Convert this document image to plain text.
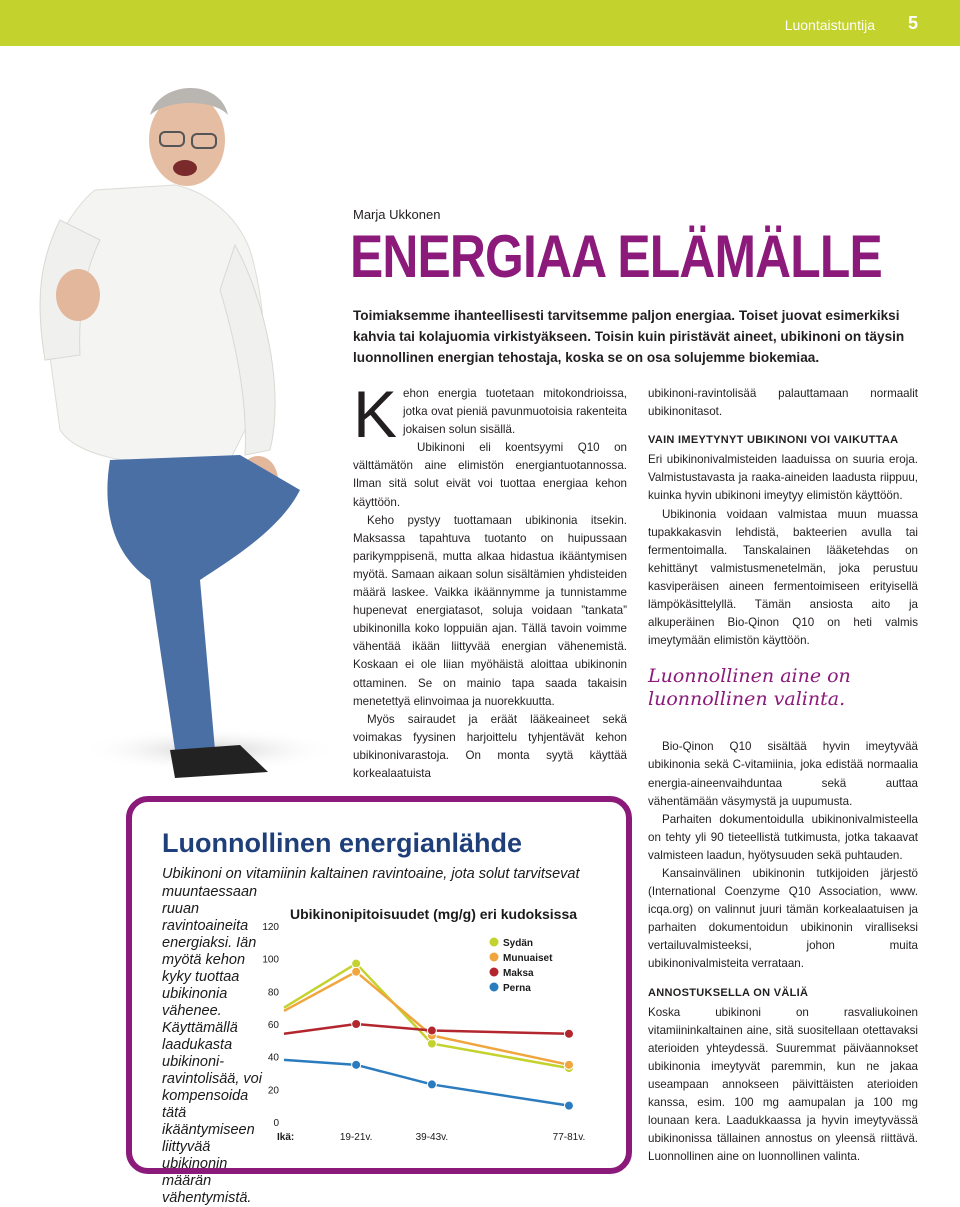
Luontaistuntija 5
Marja Ukkonen
ENERGIAA ELÄMÄLLE
Toimiaksemme ihanteellisesti tarvitsemme paljon energiaa. Toiset juovat esimerkiksi kahvia tai kolajuomia virkistyäkseen. Toisin kuin piristävät aineet, ubikinoni on täysin luonnollinen energian tehostaja, koska se on osa solujemme biokemiaa.
K ehon energia tuotetaan mitokondrioissa, jotka ovat pieniä pavunmuotoisia rakenteita jokaisen solun sisällä.

Ubikinoni eli koentsyymi Q10 on välttämätön aine elimistön energiantuotannossa. Ilman sitä solut eivät voi tuottaa energiaa kehon käyttöön.

Keho pystyy tuottamaan ubikinonia itsekin. Maksassa tapahtuva tuotanto on huipussaan parikymppisenä, mutta alkaa hidastua ikääntymisen myötä. Samaan aikaan solun sisältämien yhdisteiden määrä laskee. Vaikka ikäännymme ja tunnistamme hupenevat energiatasot, soluja voidaan ”tankata” ubikinonilla koko loppuiän ajan. Tällä tavoin voimme vähentää ikään liittyvää energian vähenemistä. Koskaan ei ole liian myöhäistä aloittaa ubikinonin ottaminen. Se on mainio tapa saada takaisin menetettyä elinvoimaa ja nuorekkuutta.

Myös sairaudet ja eräät lääkeaineet sekä voimakas fyysinen harjoittelu tyhjentävät kehon ubikinonivarastoja. On monta syytä käyttää korkealaatuista

ubikinoni-ravintolisää palauttamaan normaalit ubikinonitasot.

VAIN IMEYTYNYT UBIKINONI VOI VAIKUTTAA

Eri ubikinonivalmisteiden laaduissa on suuria eroja. Valmistustavasta ja raaka-aineiden laadusta riippuu, kuinka hyvin ubikinoni imeytyy elimistön käyttöön.

Ubikinonia voidaan valmistaa muun muassa tupakkakasvin lehdistä, bakteerien avulla tai fermentoimalla. Tanskalainen lääketehdas on kehittänyt valmistusmenetelmän, joka perustuu kasviperäisen aineen fermentoimiseen erityisellä lämpökäsittelyllä. Tämän ansiosta aito ja alkuperäinen Bio-Qinon Q10 on heti valmis imeytymään elimistön käyttöön.

Luonnollinen aine on luonnollinen valinta.

Bio-Qinon Q10 sisältää hyvin imeytyvää ubikinonia sekä C-vitamiinia, joka edistää normaalia energia-aineenvaihduntaa sekä auttaa vähentämään väsymystä ja uupumusta.

Parhaiten dokumentoidulla ubikinonivalmisteella on tehty yli 90 tieteellistä tutkimusta, jotka takaavat valmisteen laadun, hyötysuuden sekä puhtauden.

Kansainvälinen ubikinonin tutkijoiden järjestö (International Coenzyme Q10 Association, www. icqa.org) on valinnut juuri tämän korkealaatuisen ja parhaiten dokumentoidun ubikinonin viralliseksi vertailuvalmisteeksi, johon muita ubikinonivalmisteita verrataan.

ANNOSTUKSELLA ON VÄLIÄ

Koska ubikinoni on rasvaliukoinen vitamiininkaltainen aine, sitä suositellaan otettavaksi aterioiden yhteydessä. Suuremmat päiväannokset ubikinonia imeytyvät paremmin, kun ne jakaa useampaan annokseen päivittäisten aterioiden kanssa, esim. 100 mg aamupalan ja 100 mg lounaan kera. Laadukkaassa ja hyvin imeytyvässä ubikinonissa tällainen annostus on yleensä riittävä. Luonnollinen aine on luonnollinen valinta.

Luonnollinen energianlähde
Ubikinoni on vitamiinin kaltainen ravintoaine, jota solut tarvitsevat
muuntaessaan ruuan ravintoaineita energiaksi. Iän myötä kehon kyky tuottaa ubikinonia vähenee. Käyttämällä laadukasta ubikinoni-ravintolisää, voi kompensoida tätä ikääntymiseen liittyvää ubikinonin määrän vähentymistä.
Ubikinonipitoisuudet (mg/g) eri kudoksissa
0
20
40
60
80
100
120
Ikä:	19-21v.	39-43v.	77-81v.
Sydän
Munuaiset
Maksa
Perna
